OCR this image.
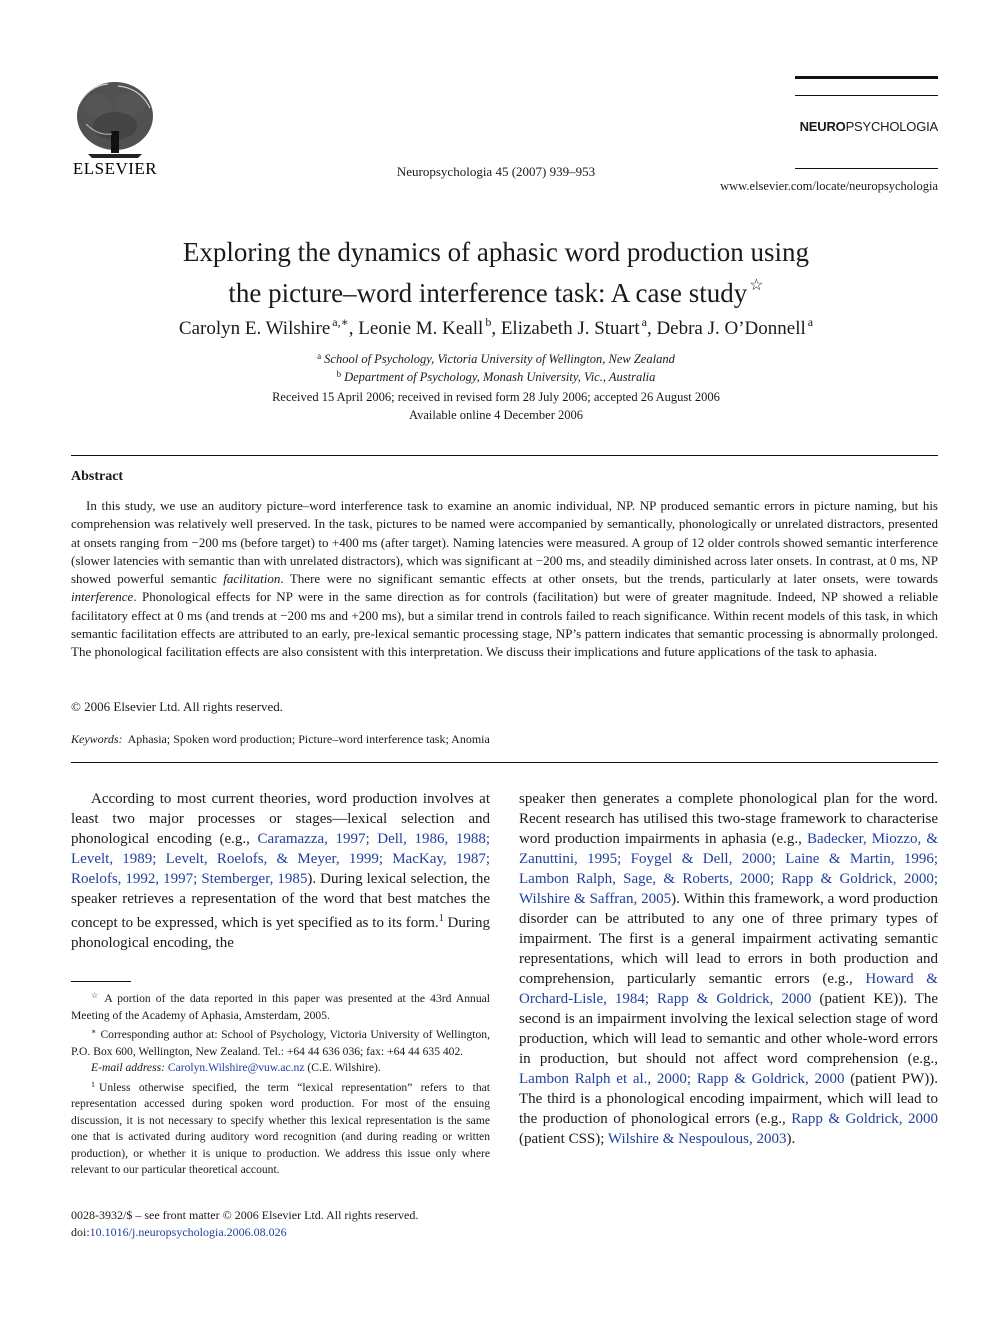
ELSEVIER	Neuropsychologia 45 (2007) 939–953
NEUROPSYCHOLOGIA
www.elsevier.com/locate/neuropsychologia
Exploring the dynamics of aphasic word production using
the picture–word interference task: A case study ☆
Carolyn E. Wilshire $^{a,∗}$, Leonie M. Keall $^b$, Elizabeth J. Stuart $^a$, Debra J. O’Donnell $^a$
$^a$ School of Psychology, Victoria University of Wellington, New Zealand
$^b$ Department of Psychology, Monash University, Vic., Australia
Received 15 April 2006; received in revised form 28 July 2006; accepted 26 August 2006
Available online 4 December 2006
Abstract

In this study, we use an auditory picture–word interference task to examine an anomic individual, NP. NP produced semantic errors in picture naming, but his comprehension was relatively well preserved. In the task, pictures to be named were accompanied by semantically, phonologically or unrelated distractors, presented at onsets ranging from −200 ms (before target) to +400 ms (after target). Naming latencies were measured. A group of 12 older controls showed semantic interference (slower latencies with semantic than with unrelated distractors), which was significant at −200 ms, and steadily diminished across later onsets. In contrast, at 0 ms, NP showed powerful semantic facilitation. There were no significant semantic effects at other onsets, but the trends, particularly at later onsets, were towards interference. Phonological effects for NP were in the same direction as for controls (facilitation) but were of greater magnitude. Indeed, NP showed a reliable facilitatory effect at 0 ms (and trends at −200 ms and +200 ms), but a similar trend in controls failed to reach significance. Within recent models of this task, in which semantic facilitation effects are attributed to an early, pre-lexical semantic processing stage, NP’s pattern indicates that semantic processing is abnormally prolonged. The phonological facilitation effects are also consistent with this interpretation. We discuss their implications and future applications of the task to aphasia.

© 2006 Elsevier Ltd. All rights reserved.
Keywords: Aphasia; Spoken word production; Picture–word interference task; Anomia

According to most current theories, word production involves at least two major processes or stages—lexical selection and phonological encoding (e.g., Caramazza, 1997; Dell, 1986, 1988; Levelt, 1989; Levelt, Roelofs, & Meyer, 1999; MacKay, 1987; Roelofs, 1992, 1997; Stemberger, 1985). During lexical selection, the speaker retrieves a representation of the word that best matches the concept to be expressed, which is yet specified as to its form.$^1$ During phonological encoding, the

speaker then generates a complete phonological plan for the word. Recent research has utilised this two-stage framework to characterise word production impairments in aphasia (e.g., Badecker, Miozzo, & Zanuttini, 1995; Foygel & Dell, 2000; Laine & Martin, 1996; Lambon Ralph, Sage, & Roberts, 2000; Rapp & Goldrick, 2000; Wilshire & Saffran, 2005). Within this framework, a word production disorder can be attributed to any one of three primary types of impairment. The first is a general impairment activating semantic representations, which will lead to errors in both production and comprehension, particularly semantic errors (e.g., Howard & Orchard-Lisle, 1984; Rapp & Goldrick, 2000 (patient KE)). The second is an impairment involving the lexical selection stage of word production, which will lead to semantic and other whole-word errors in production, but should not affect word comprehension (e.g., Lambon Ralph et al., 2000; Rapp & Goldrick, 2000 (patient PW)). The third is a phonological encoding impairment, which will lead to the production of phonological errors (e.g., Rapp & Goldrick, 2000 (patient CSS); Wilshire & Nespoulous, 2003).

☆ A portion of the data reported in this paper was presented at the 43rd Annual Meeting of the Academy of Aphasia, Amsterdam, 2005.

∗ Corresponding author at: School of Psychology, Victoria University of Wellington, P.O. Box 600, Wellington, New Zealand. Tel.: +64 44 636 036; fax: +64 44 635 402.

E-mail address: Carolyn.Wilshire@vuw.ac.nz (C.E. Wilshire).

$^1$ Unless otherwise specified, the term “lexical representation” refers to that representation accessed during spoken word production. For most of the ensuing discussion, it is not necessary to specify whether this lexical representation is the same one that is activated during auditory word recognition (and during reading or written production), or whether it is unique to production. We address this issue only where relevant to our particular theoretical account.

0028-3932/$ – see front matter © 2006 Elsevier Ltd. All rights reserved.
doi:10.1016/j.neuropsychologia.2006.08.026
